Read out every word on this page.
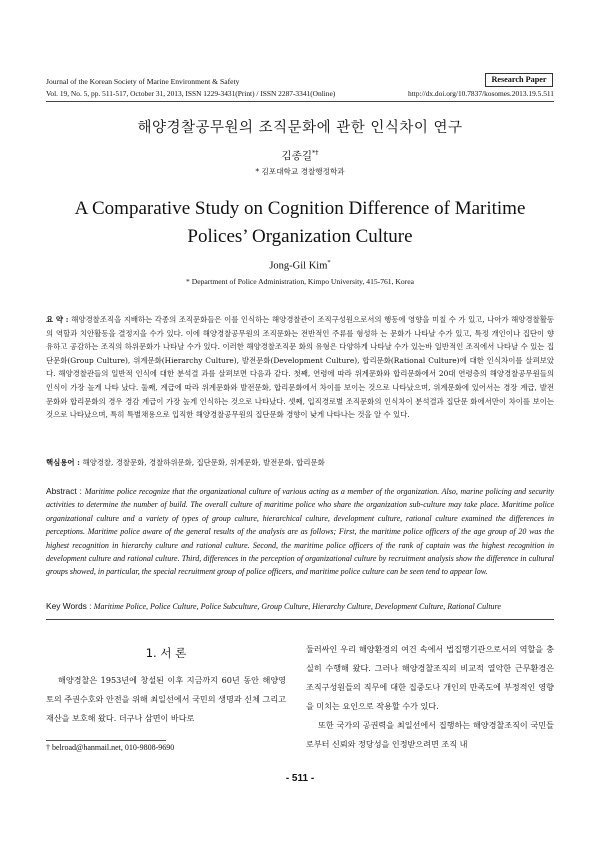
Journal of the Korean Society of Marine Environment & Safety	Research Paper
Vol. 19, No. 5, pp. 511-517, October 31, 2013, ISSN 1229-3431(Print) / ISSN 2287-3341(Online)	http://dx.doi.org/10.7837/kosomes.2013.19.5.511
해양경찰공무원의 조직문화에 관한 인식차이 연구
김종길*†
* 김포대학교 경찰행정학과
A Comparative Study on Cognition Difference of Maritime Polices’ Organization Culture
Jong-Gil Kim*
* Department of Police Administration, Kimpo University, 415-761, Korea
요 약 : 해양경찰조직을 지배하는 각종의 조직문화들은 이를 인식하는 해양경찰관이 조직구성원으로서의 행동에 영향을 미칠 수 가 있고, 나아가 해양경찰활동의 역할과 치안활동을 결정지을 수가 있다. 이에 해양경찰공무원의 조직문화는 전반적인 주류를 형성하 는 문화가 나타날 수가 있고, 특정 개인이나 집단이 향유하고 공감하는 조직의 하위문화가 나타날 수가 있다. 이러한 해양경찰조직문 화의 유형은 다양하게 나타날 수가 있는바 일반적인 조직에서 나타날 수 있는 집단문화(Group Culture), 위계문화(Hierarchy Culture), 발전문화(Development Culture), 합리문화(Rational Culture)에 대한 인식차이를 살펴보았다. 해양경찰관들의 일반적 인식에 대한 분석결 과를 살펴보면 다음과 같다. 첫째, 연령에 따라 위계문화와 합리문화에서 20대 연령층의 해양경찰공무원들의 인식이 가장 높게 나타 났다. 둘째, 계급에 따라 위계문화와 발전문화, 합리문화에서 차이를 보이는 것으로 나타났으며, 위계문화에 있어서는 경장 계급, 발전 문화와 합리문화의 경우 경감 계급이 가장 높게 인식하는 것으로 나타났다. 셋째, 입직경로별 조직문화의 인식차이 분석결과 집단문 화에서만이 차이를 보이는 것으로 나타났으며, 특히 특별채용으로 입직한 해양경찰공무원의 집단문화 경향이 낮게 나타나는 것을 알 수 있다.
핵심용어 : 해양경찰, 경찰문화, 경찰하위문화, 집단문화, 위계문화, 발전문화, 합리문화
Abstract : Maritime police recognize that the organizational culture of various acting as a member of the organization. Also, marine policing and security activities to determine the number of build. The overall culture of maritime police who share the organization sub-culture may take place. Maritime police organizational culture and a variety of types of group culture, hierarchical culture, development culture, rational culture examined the differences in perceptions. Maritime police aware of the general results of the analysis are as follows; First, the maritime police officers of the age group of 20 was the highest recognition in hierarchy culture and rational culture. Second, the maritime police officers of the rank of captain was the highest recognition in development culture and rational culture. Third, differences in the perception of organizational culture by recruitment analysis show the difference in cultural groups showed, in particular, the special recruitment group of police officers, and maritime police culture can be seen tend to appear low.
Key Words : Maritime Police, Police Culture, Police Subculture, Group Culture, Hierarchy Culture, Development Culture, Rational Culture
1. 서 론
해양경찰은 1953년에 창설된 이후 지금까지 60년 동안 해양영토의 주권수호와 안전을 위해 최일선에서 국민의 생명과 신체 그리고 재산을 보호해 왔다. 더구나 삼면이 바다로
† belroad@hanmail.net, 010-9808-9690
둘러싸인 우리 해양환경의 여건 속에서 법집행기관으로서의 역할을 충실히 수행해 왔다. 그러나 해양경찰조직의 비교적 열악한 근무환경은 조직구성원들의 직무에 대한 집중도나 개인의 만족도에 부정적인 영향을 미치는 요인으로 작용할 수가 있다.
또한 국가의 공권력을 최일선에서 집행하는 해양경찰조직이 국민들로부터 신뢰와 정당성을 인정받으려면 조직 내
- 511 -
